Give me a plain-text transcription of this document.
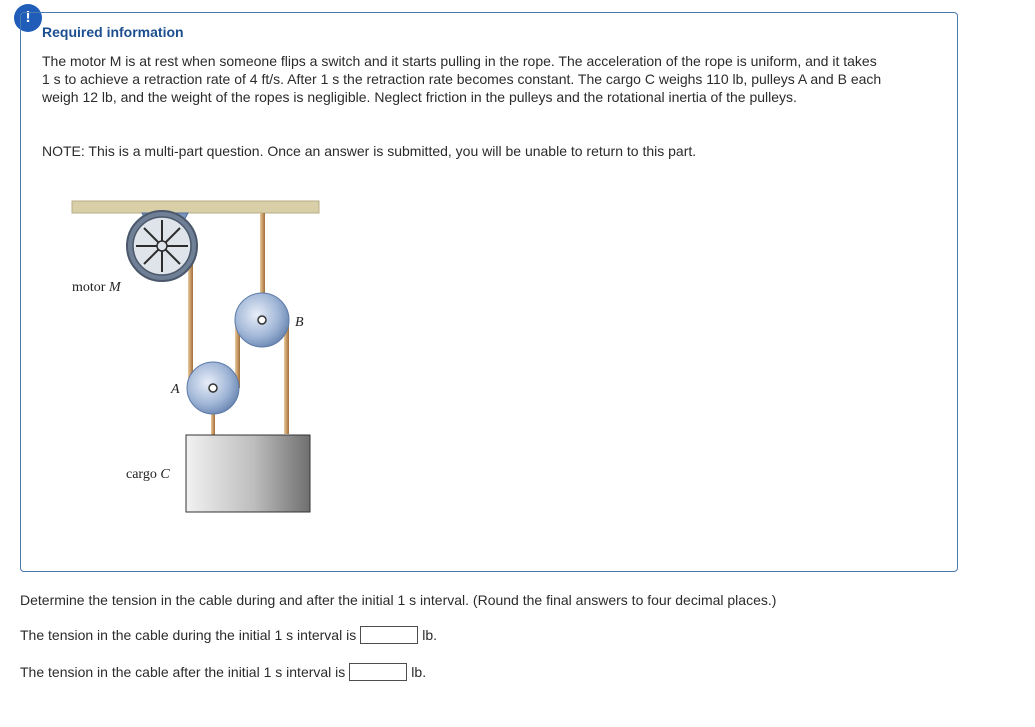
!
Required information
The motor M is at rest when someone flips a switch and it starts pulling in the rope. The acceleration of the rope is uniform, and it takes 1 s to achieve a retraction rate of 4 ft/s. After 1 s the retraction rate becomes constant. The cargo C weighs 110 lb, pulleys A and B each weigh 12 lb, and the weight of the ropes is negligible. Neglect friction in the pulleys and the rotational inertia of the pulleys.
NOTE: This is a multi-part question. Once an answer is submitted, you will be unable to return to this part.
motor M
B
A
cargo C
Determine the tension in the cable during and after the initial 1 s interval. (Round the final answers to four decimal places.)
The tension in the cable during the initial 1 s interval is	lb.
The tension in the cable after the initial 1 s interval is	lb.
